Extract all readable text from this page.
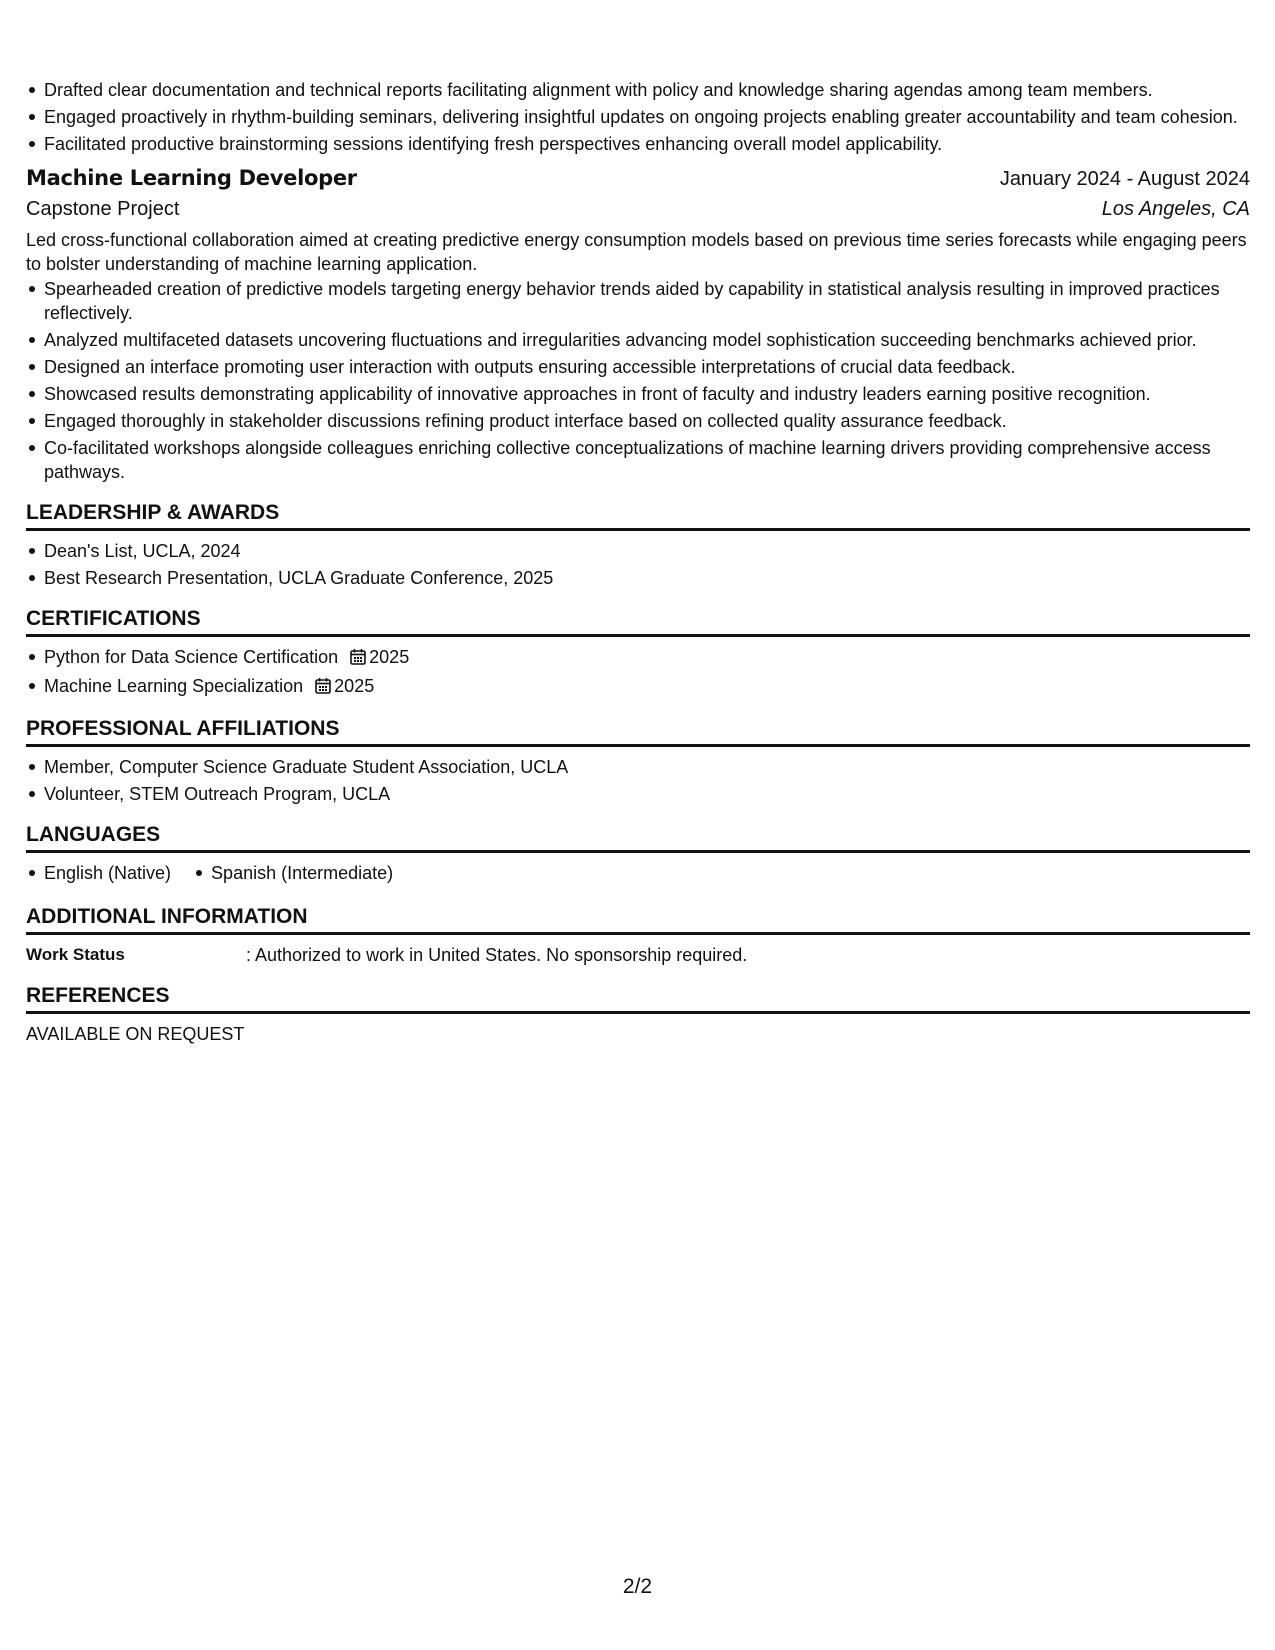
Drafted clear documentation and technical reports facilitating alignment with policy and knowledge sharing agendas among team members.
Engaged proactively in rhythm-building seminars, delivering insightful updates on ongoing projects enabling greater accountability and team cohesion.
Facilitated productive brainstorming sessions identifying fresh perspectives enhancing overall model applicability.
Machine Learning Developer	January 2024 - August 2024
Capstone Project	Los Angeles, CA
Led cross-functional collaboration aimed at creating predictive energy consumption models based on previous time series forecasts while engaging peers to bolster understanding of machine learning application.
Spearheaded creation of predictive models targeting energy behavior trends aided by capability in statistical analysis resulting in improved practices reflectively.
Analyzed multifaceted datasets uncovering fluctuations and irregularities advancing model sophistication succeeding benchmarks achieved prior.
Designed an interface promoting user interaction with outputs ensuring accessible interpretations of crucial data feedback.
Showcased results demonstrating applicability of innovative approaches in front of faculty and industry leaders earning positive recognition.
Engaged thoroughly in stakeholder discussions refining product interface based on collected quality assurance feedback.
Co-facilitated workshops alongside colleagues enriching collective conceptualizations of machine learning drivers providing comprehensive access pathways.
LEADERSHIP & AWARDS
Dean's List, UCLA, 2024
Best Research Presentation, UCLA Graduate Conference, 2025
CERTIFICATIONS
Python for Data Science Certification 2025
Machine Learning Specialization 2025
PROFESSIONAL AFFILIATIONS
Member, Computer Science Graduate Student Association, UCLA
Volunteer, STEM Outreach Program, UCLA
LANGUAGES
English (Native)	Spanish (Intermediate)
ADDITIONAL INFORMATION
Work Status	: Authorized to work in United States. No sponsorship required.
REFERENCES
AVAILABLE ON REQUEST
2/2
